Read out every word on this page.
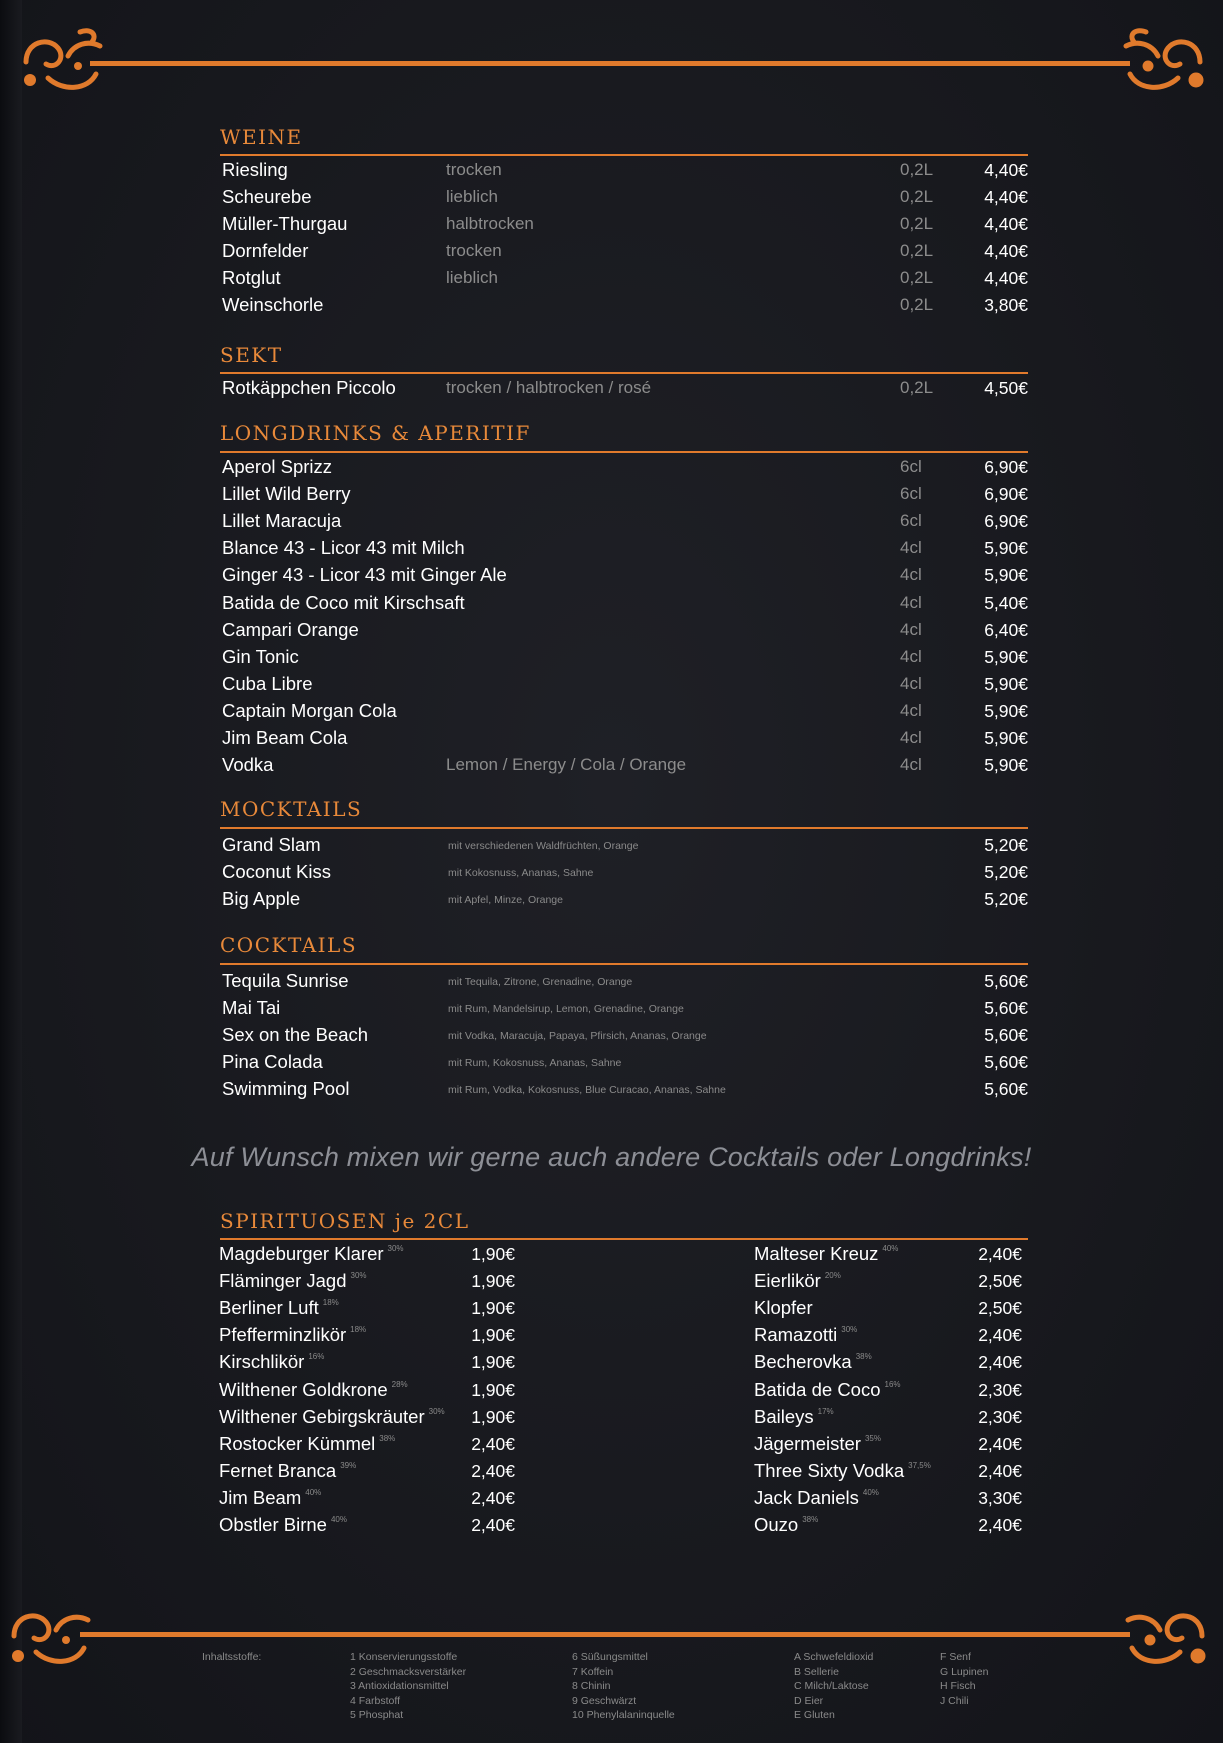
WEINE
Riesling	trocken	0,2L	4,40€
Scheurebe	lieblich	0,2L	4,40€
Müller-Thurgau	halbtrocken	0,2L	4,40€
Dornfelder	trocken	0,2L	4,40€
Rotglut	lieblich	0,2L	4,40€
Weinschorle	0,2L	3,80€
SEKT
Rotkäppchen Piccolo	trocken / halbtrocken / rosé	0,2L	4,50€
LONGDRINKS & APERITIF
Aperol Sprizz	6cl	6,90€
Lillet Wild Berry	6cl	6,90€
Lillet Maracuja	6cl	6,90€
Blance 43 - Licor 43 mit Milch	4cl	5,90€
Ginger 43 - Licor 43 mit Ginger Ale	4cl	5,90€
Batida de Coco mit Kirschsaft	4cl	5,40€
Campari Orange	4cl	6,40€
Gin Tonic	4cl	5,90€
Cuba Libre	4cl	5,90€
Captain Morgan Cola	4cl	5,90€
Jim Beam Cola	4cl	5,90€
Vodka	Lemon / Energy / Cola / Orange	4cl	5,90€
MOCKTAILS
Grand Slam	mit verschiedenen Waldfrüchten, Orange	5,20€
Coconut Kiss	mit Kokosnuss, Ananas, Sahne	5,20€
Big Apple	mit Apfel, Minze, Orange	5,20€
COCKTAILS
Tequila Sunrise	mit Tequila, Zitrone, Grenadine, Orange	5,60€
Mai Tai	mit Rum, Mandelsirup, Lemon, Grenadine, Orange	5,60€
Sex on the Beach	mit Vodka, Maracuja, Papaya, Pfirsich, Ananas, Orange	5,60€
Pina Colada	mit Rum, Kokosnuss, Ananas, Sahne	5,60€
Swimming Pool	mit Rum, Vodka, Kokosnuss, Blue Curacao, Ananas, Sahne	5,60€
Auf Wunsch mixen wir gerne auch andere Cocktails oder Longdrinks!
SPIRITUOSEN je 2CL
Magdeburger Klarer $^{30\%}$	1,90€
Fläminger Jagd $^{30\%}$	1,90€
Berliner Luft $^{18\%}$	1,90€
Pfefferminzlikör $^{18\%}$	1,90€
Kirschlikör $^{16\%}$	1,90€
Wilthener Goldkrone $^{28\%}$	1,90€
Wilthener Gebirgskräuter $^{30\%}$ 1,90€
Rostocker Kümmel $^{38\%}$	2,40€
Fernet Branca $^{39\%}$	2,40€
Jim Beam $^{40\%}$	2,40€
Obstler Birne $^{40\%}$	2,40€
Malteser Kreuz $^{40\%}$	2,40€
Eierlikör $^{20\%}$	2,50€
Klopfer	2,50€
Ramazotti $^{30\%}$	2,40€
Becherovka $^{38\%}$	2,40€
Batida de Coco $^{16\%}$	2,30€
Baileys $^{17\%}$	2,30€
Jägermeister $^{35\%}$	2,40€
Three Sixty Vodka $^{37,5\%}$	2,40€
Jack Daniels $^{40\%}$	3,30€
Ouzo $^{38\%}$	2,40€
Inhaltsstoffe:	1 Konservierungsstoffe
2 Geschmacksverstärker
3 Antioxidationsmittel
4 Farbstoff
5 Phosphat
6 Süßungsmittel
7 Koffein
8 Chinin
9 Geschwärzt
10 Phenylalaninquelle
A Schwefeldioxid
B Sellerie
C Milch/Laktose
D Eier
E Gluten
F Senf
G Lupinen
H Fisch
J Chili
